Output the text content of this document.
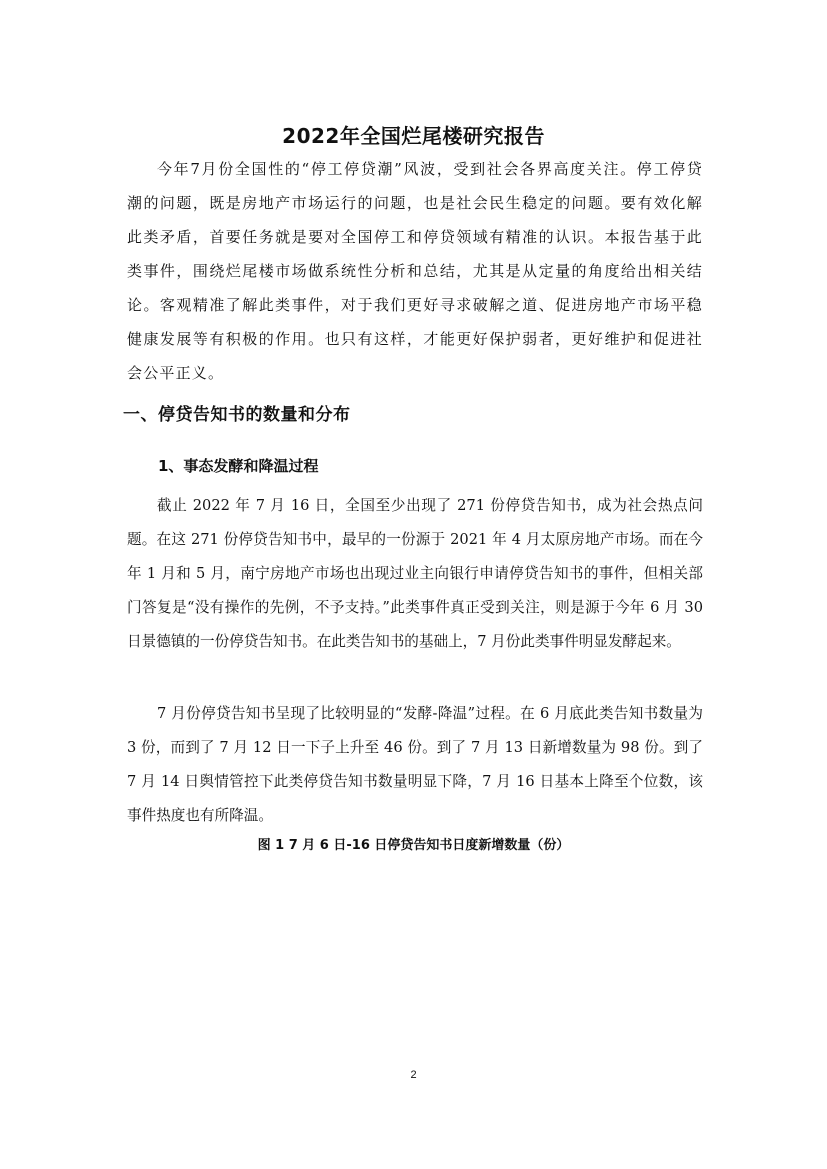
2022年全国烂尾楼研究报告

今年7月份全国性的“停工停贷潮”风波，受到社会各界高度关注。停工停贷潮的问题，既是房地产市场运行的问题，也是社会民生稳定的问题。要有效化解此类矛盾，首要任务就是要对全国停工和停贷领域有精准的认识。本报告基于此类事件，围绕烂尾楼市场做系统性分析和总结，尤其是从定量的角度给出相关结论。客观精准了解此类事件，对于我们更好寻求破解之道、促进房地产市场平稳健康发展等有积极的作用。也只有这样，才能更好保护弱者，更好维护和促进社会公平正义。

一、停贷告知书的数量和分布
1、事态发酵和降温过程

截止 2022 年 7 月 16 日，全国至少出现了 271 份停贷告知书，成为社会热点问题。在这 271 份停贷告知书中，最早的一份源于 2021 年 4 月太原房地产市场。而在今年 1 月和 5 月，南宁房地产市场也出现过业主向银行申请停贷告知书的事件，但相关部门答复是“没有操作的先例，不予支持。”此类事件真正受到关注，则是源于今年 6 月 30 日景德镇的一份停贷告知书。在此类告知书的基础上，7 月份此类事件明显发酵起来。

7 月份停贷告知书呈现了比较明显的“发酵-降温”过程。在 6 月底此类告知书数量为 3 份，而到了 7 月 12 日一下子上升至 46 份。到了 7 月 13 日新增数量为 98 份。到了 7 月 14 日舆情管控下此类停贷告知书数量明显下降，7 月 16 日基本上降至个位数，该事件热度也有所降温。

图 1 7 月 6 日-16 日停贷告知书日度新增数量（份）
2
